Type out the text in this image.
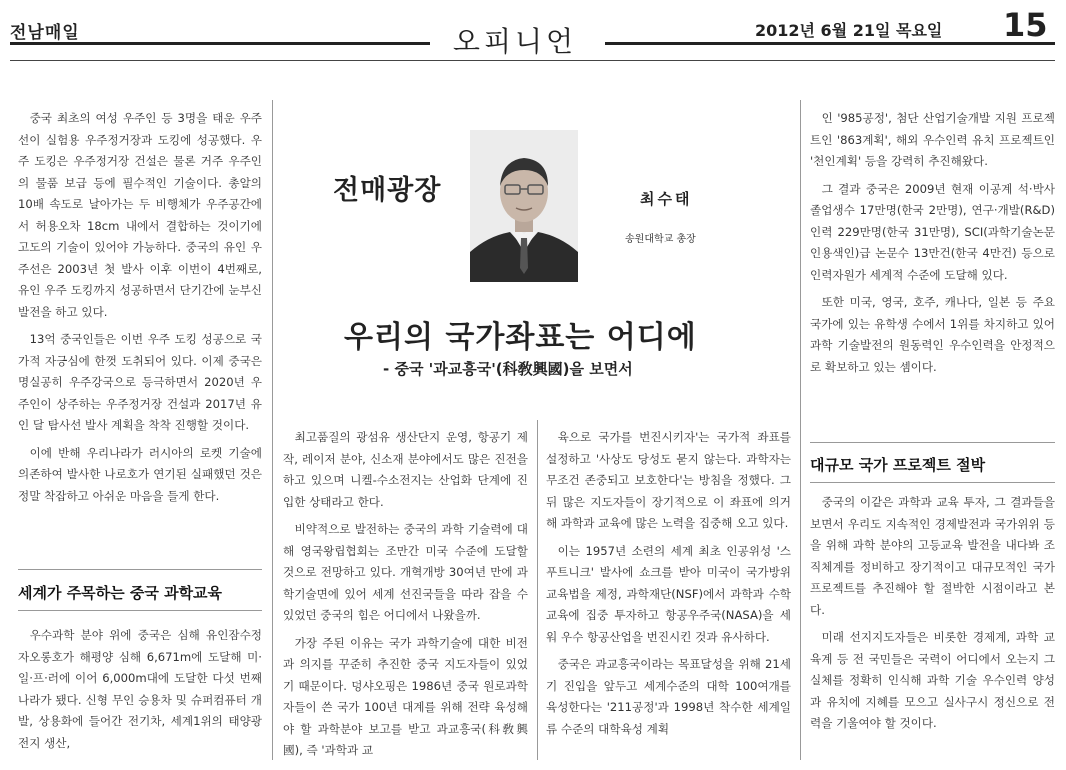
전남매일	오피니언	2012년 6월 21일 목요일 15

중국 최초의 여성 우주인 등 3명을 태운 우주선이 실험용 우주정거장과 도킹에 성공했다. 우주 도킹은 우주정거장 건설은 물론 거주 우주인의 물품 보급 등에 필수적인 기술이다. 총알의 10배 속도로 날아가는 두 비행체가 우주공간에서 허용오차 18cm 내에서 결합하는 것이기에 고도의 기술이 있어야 가능하다. 중국의 유인 우주선은 2003년 첫 발사 이후 이번이 4번째로, 유인 우주 도킹까지 성공하면서 단기간에 눈부신 발전을 하고 있다.

13억 중국인들은 이번 우주 도킹 성공으로 국가적 자긍심에 한껏 도취되어 있다. 이제 중국은 명실공히 우주강국으로 등극하면서 2020년 우주인이 상주하는 우주정거장 건설과 2017년 유인 달 탐사선 발사 계획을 착착 진행할 것이다.

이에 반해 우리나라가 러시아의 로켓 기술에 의존하여 발사한 나로호가 연기된 실패했던 것은 정말 착잡하고 아쉬운 마음을 들게 한다.

세계가 주목하는 중국 과학교육

우수과학 분야 위에 중국은 심해 유인잠수정 자오롱호가 해평양 심해 6,671m에 도달해 미·일·프·러에 이어 6,000m대에 도달한 다섯 번째 나라가 됐다. 신형 무인 승용차 및 슈퍼컴퓨터 개발, 상용화에 들어간 전기차, 세계1위의 태양광 전지 생산,

전매광장	최수태
송원대학교 총장
우리의 국가좌표는 어디에
- 중국 '과교흥국'(科敎興國)을 보면서

최고품질의 광섬유 생산단지 운영, 항공기 제작, 레이저 분야, 신소재 분야에서도 많은 진전을 하고 있으며 니켈-수소전지는 산업화 단계에 진입한 상태라고 한다.

비약적으로 발전하는 중국의 과학 기술력에 대해 영국왕립협회는 조만간 미국 수준에 도달할 것으로 전망하고 있다. 개혁개방 30여년 만에 과학기술면에 있어 세계 선진국들을 따라 잡을 수 있었던 중국의 힘은 어디에서 나왔을까.

가장 주된 이유는 국가 과학기술에 대한 비전과 의지를 꾸준히 추진한 중국 지도자들이 있었기 때문이다. 덩샤오핑은 1986년 중국 원로과학자들이 쓴 국가 100년 대계를 위해 전략 육성해야 할 과학분야 보고를 받고 과교흥국(科敎興國), 즉 '과학과 교

육으로 국가를 번진시키자'는 국가적 좌표를 설정하고 '사상도 당성도 묻지 않는다. 과학자는 무조건 존중되고 보호한다'는 방침을 정했다. 그 뒤 많은 지도자들이 장기적으로 이 좌표에 의거해 과학과 교육에 많은 노력을 집중해 오고 있다.

이는 1957년 소련의 세계 최초 인공위성 '스푸트니크' 발사에 쇼크를 받아 미국이 국가방위교육법을 제정, 과학재단(NSF)에서 과학과 수학교육에 집중 투자하고 항공우주국(NASA)을 세워 우수 항공산업을 번진시킨 것과 유사하다.

중국은 과교흥국이라는 목표달성을 위해 21세기 진입을 앞두고 세계수준의 대학 100여개를 육성한다는 '211공정'과 1998년 착수한 세계일류 수준의 대학육성 계획

인 '985공정', 첨단 산업기술개발 지원 프로젝트인 '863계획', 해외 우수인력 유치 프로젝트인 '천인계획' 등을 강력히 추진해왔다.

그 결과 중국은 2009년 현재 이공계 석·박사 졸업생수 17만명(한국 2만명), 연구·개발(R&D) 인력 229만명(한국 31만명), SCI(과학기술논문 인용색인)급 논문수 13만건(한국 4만건) 등으로 인력자원가 세계적 수준에 도달해 있다.

또한 미국, 영국, 호주, 캐나다, 일본 등 주요 국가에 있는 유학생 수에서 1위를 차지하고 있어 과학 기술발전의 원동력인 우수인력을 안정적으로 확보하고 있는 셈이다.

대규모 국가 프로젝트 절박

중국의 이같은 과학과 교육 투자, 그 결과들을 보면서 우리도 지속적인 경제발전과 국가위위 등을 위해 과학 분야의 고등교육 발전을 내다봐 조직체계를 정비하고 장기적이고 대규모적인 국가 프로젝트를 추진해야 할 절박한 시점이라고 본다.

미래 선지지도자들은 비롯한 경제계, 과학 교육계 등 전 국민들은 국력이 어디에서 오는지 그 실체를 정확히 인식해 과학 기술 우수인력 양성과 유치에 지혜를 모으고 실사구시 정신으로 전력을 기울여야 할 것이다.
